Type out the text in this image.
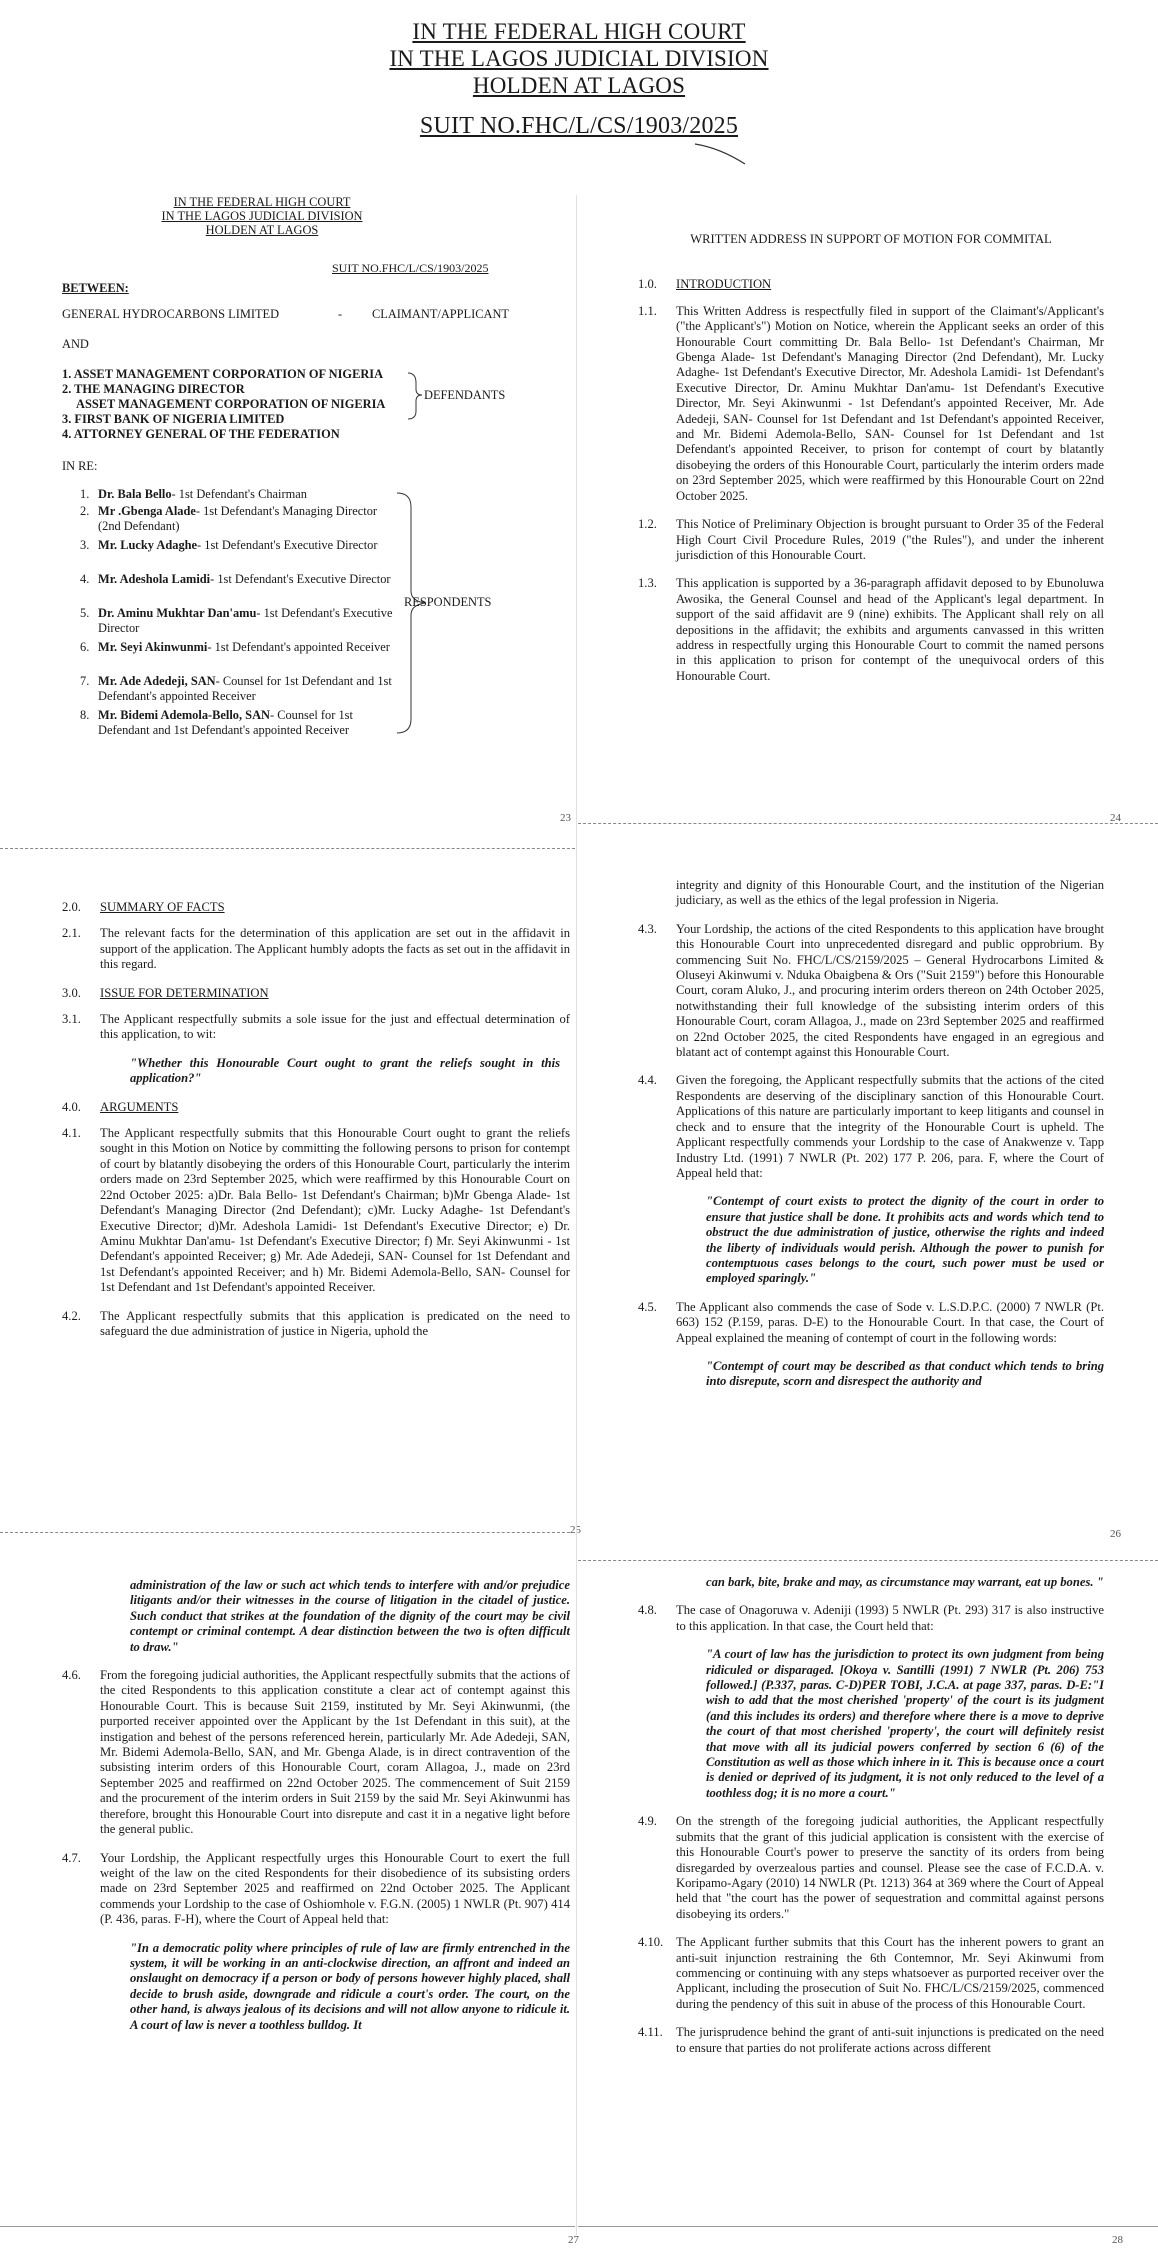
IN THE FEDERAL HIGH COURT
IN THE LAGOS JUDICIAL DIVISION
HOLDEN AT LAGOS
SUIT NO.FHC/L/CS/1903/2025
IN THE FEDERAL HIGH COURT
IN THE LAGOS JUDICIAL DIVISION
HOLDEN AT LAGOS
SUIT NO.FHC/L/CS/1903/2025
BETWEEN:
GENERAL HYDROCARBONS LIMITED	- CLAIMANT/APPLICANT
AND
1. ASSET MANAGEMENT CORPORATION OF NIGERIA
2. THE MANAGING DIRECTOR
ASSET MANAGEMENT CORPORATION OF NIGERIA
3. FIRST BANK OF NIGERIA LIMITED
4. ATTORNEY GENERAL OF THE FEDERATION
DEFENDANTS
IN RE:
1. Dr. Bala Bello- 1st Defendant's Chairman
2. Mr .Gbenga Alade- 1st Defendant's Managing Director (2nd Defendant)
3. Mr. Lucky Adaghe- 1st Defendant's Executive Director
4. Mr. Adeshola Lamidi- 1st Defendant's Executive Director
5. Dr. Aminu Mukhtar Dan'amu- 1st Defendant's Executive Director
6. Mr. Seyi Akinwunmi- 1st Defendant's appointed Receiver
7. Mr. Ade Adedeji, SAN- Counsel for 1st Defendant and 1st Defendant's appointed Receiver
8. Mr. Bidemi Ademola-Bello, SAN- Counsel for 1st Defendant and 1st Defendant's appointed Receiver
RESPONDENTS
23
WRITTEN ADDRESS IN SUPPORT OF MOTION FOR COMMITAL
1.0. INTRODUCTION
1.1. This Written Address is respectfully filed in support of the Claimant's/Applicant's ("the Applicant's") Motion on Notice, wherein the Applicant seeks an order of this Honourable Court committing Dr. Bala Bello- 1st Defendant's Chairman, Mr Gbenga Alade- 1st Defendant's Managing Director (2nd Defendant), Mr. Lucky Adaghe- 1st Defendant's Executive Director, Mr. Adeshola Lamidi- 1st Defendant's Executive Director, Dr. Aminu Mukhtar Dan'amu- 1st Defendant's Executive Director, Mr. Seyi Akinwunmi - 1st Defendant's appointed Receiver, Mr. Ade Adedeji, SAN- Counsel for 1st Defendant and 1st Defendant's appointed Receiver, and Mr. Bidemi Ademola-Bello, SAN- Counsel for 1st Defendant and 1st Defendant's appointed Receiver, to prison for contempt of court by blatantly disobeying the orders of this Honourable Court, particularly the interim orders made on 23rd September 2025, which were reaffirmed by this Honourable Court on 22nd October 2025.
1.2. This Notice of Preliminary Objection is brought pursuant to Order 35 of the Federal High Court Civil Procedure Rules, 2019 ("the Rules"), and under the inherent jurisdiction of this Honourable Court.
1.3. This application is supported by a 36-paragraph affidavit deposed to by Ebunoluwa Awosika, the General Counsel and head of the Applicant's legal department. In support of the said affidavit are 9 (nine) exhibits. The Applicant shall rely on all depositions in the affidavit; the exhibits and arguments canvassed in this written address in respectfully urging this Honourable Court to commit the named persons in this application to prison for contempt of the unequivocal orders of this Honourable Court.
24
2.0. SUMMARY OF FACTS
2.1. The relevant facts for the determination of this application are set out in the affidavit in support of the application. The Applicant humbly adopts the facts as set out in the affidavit in this regard.
3.0. ISSUE FOR DETERMINATION
3.1. The Applicant respectfully submits a sole issue for the just and effectual determination of this application, to wit:
"Whether this Honourable Court ought to grant the reliefs sought in this application?"
4.0. ARGUMENTS
4.1. The Applicant respectfully submits that this Honourable Court ought to grant the reliefs sought in this Motion on Notice by committing the following persons to prison for contempt of court by blatantly disobeying the orders of this Honourable Court, particularly the interim orders made on 23rd September 2025, which were reaffirmed by this Honourable Court on 22nd October 2025: a)Dr. Bala Bello- 1st Defendant's Chairman; b)Mr Gbenga Alade- 1st Defendant's Managing Director (2nd Defendant); c)Mr. Lucky Adaghe- 1st Defendant's Executive Director; d)Mr. Adeshola Lamidi- 1st Defendant's Executive Director; e) Dr. Aminu Mukhtar Dan'amu- 1st Defendant's Executive Director; f) Mr. Seyi Akinwunmi - 1st Defendant's appointed Receiver; g) Mr. Ade Adedeji, SAN- Counsel for 1st Defendant and 1st Defendant's appointed Receiver; and h) Mr. Bidemi Ademola-Bello, SAN- Counsel for 1st Defendant and 1st Defendant's appointed Receiver.
4.2. The Applicant respectfully submits that this application is predicated on the need to safeguard the due administration of justice in Nigeria, uphold the
25
integrity and dignity of this Honourable Court, and the institution of the Nigerian judiciary, as well as the ethics of the legal profession in Nigeria.
4.3. Your Lordship, the actions of the cited Respondents to this application have brought this Honourable Court into unprecedented disregard and public opprobrium. By commencing Suit No. FHC/L/CS/2159/2025 – General Hydrocarbons Limited & Oluseyi Akinwumi v. Nduka Obaigbena & Ors ("Suit 2159") before this Honourable Court, coram Aluko, J., and procuring interim orders thereon on 24th October 2025, notwithstanding their full knowledge of the subsisting interim orders of this Honourable Court, coram Allagoa, J., made on 23rd September 2025 and reaffirmed on 22nd October 2025, the cited Respondents have engaged in an egregious and blatant act of contempt against this Honourable Court.
4.4. Given the foregoing, the Applicant respectfully submits that the actions of the cited Respondents are deserving of the disciplinary sanction of this Honourable Court. Applications of this nature are particularly important to keep litigants and counsel in check and to ensure that the integrity of the Honourable Court is upheld. The Applicant respectfully commends your Lordship to the case of Anakwenze v. Tapp Industry Ltd. (1991) 7 NWLR (Pt. 202) 177 P. 206, para. F, where the Court of Appeal held that:
"Contempt of court exists to protect the dignity of the court in order to ensure that justice shall be done. It prohibits acts and words which tend to obstruct the due administration of justice, otherwise the rights and indeed the liberty of individuals would perish. Although the power to punish for contemptuous cases belongs to the court, such power must be used or employed sparingly."
4.5. The Applicant also commends the case of Sode v. L.S.D.P.C. (2000) 7 NWLR (Pt. 663) 152 (P.159, paras. D-E) to the Honourable Court. In that case, the Court of Appeal explained the meaning of contempt of court in the following words:
"Contempt of court may be described as that conduct which tends to bring into disrepute, scorn and disrespect the authority and
26
administration of the law or such act which tends to interfere with and/or prejudice litigants and/or their witnesses in the course of litigation in the citadel of justice. Such conduct that strikes at the foundation of the dignity of the court may be civil contempt or criminal contempt. A dear distinction between the two is often difficult to draw."
4.6. From the foregoing judicial authorities, the Applicant respectfully submits that the actions of the cited Respondents to this application constitute a clear act of contempt against this Honourable Court. This is because Suit 2159, instituted by Mr. Seyi Akinwunmi, (the purported receiver appointed over the Applicant by the 1st Defendant in this suit), at the instigation and behest of the persons referenced herein, particularly Mr. Ade Adedeji, SAN, Mr. Bidemi Ademola-Bello, SAN, and Mr. Gbenga Alade, is in direct contravention of the subsisting interim orders of this Honourable Court, coram Allagoa, J., made on 23rd September 2025 and reaffirmed on 22nd October 2025. The commencement of Suit 2159 and the procurement of the interim orders in Suit 2159 by the said Mr. Seyi Akinwunmi has therefore, brought this Honourable Court into disrepute and cast it in a negative light before the general public.
4.7. Your Lordship, the Applicant respectfully urges this Honourable Court to exert the full weight of the law on the cited Respondents for their disobedience of its subsisting orders made on 23rd September 2025 and reaffirmed on 22nd October 2025. The Applicant commends your Lordship to the case of Oshiomhole v. F.G.N. (2005) 1 NWLR (Pt. 907) 414 (P. 436, paras. F-H), where the Court of Appeal held that:
"In a democratic polity where principles of rule of law are firmly entrenched in the system, it will be working in an anti-clockwise direction, an affront and indeed an onslaught on democracy if a person or body of persons however highly placed, shall decide to brush aside, downgrade and ridicule a court's order. The court, on the other hand, is always jealous of its decisions and will not allow anyone to ridicule it. A court of law is never a toothless bulldog. It
27
can bark, bite, brake and may, as circumstance may warrant, eat up bones. "
4.8. The case of Onagoruwa v. Adeniji (1993) 5 NWLR (Pt. 293) 317 is also instructive to this application. In that case, the Court held that:
"A court of law has the jurisdiction to protect its own judgment from being ridiculed or disparaged. [Okoya v. Santilli (1991) 7 NWLR (Pt. 206) 753 followed.] (P.337, paras. C-D)PER TOBI, J.C.A. at page 337, paras. D-E:"I wish to add that the most cherished 'property' of the court is its judgment (and this includes its orders) and therefore where there is a move to deprive the court of that most cherished 'property', the court will definitely resist that move with all its judicial powers conferred by section 6 (6) of the Constitution as well as those which inhere in it. This is because once a court is denied or deprived of its judgment, it is not only reduced to the level of a toothless dog; it is no more a court."
4.9. On the strength of the foregoing judicial authorities, the Applicant respectfully submits that the grant of this judicial application is consistent with the exercise of this Honourable Court's power to preserve the sanctity of its orders from being disregarded by overzealous parties and counsel. Please see the case of F.C.D.A. v. Koripamo-Agary (2010) 14 NWLR (Pt. 1213) 364 at 369 where the Court of Appeal held that "the court has the power of sequestration and committal against persons disobeying its orders."
4.10. The Applicant further submits that this Court has the inherent powers to grant an anti-suit injunction restraining the 6th Contemnor, Mr. Seyi Akinwumi from commencing or continuing with any steps whatsoever as purported receiver over the Applicant, including the prosecution of Suit No. FHC/L/CS/2159/2025, commenced during the pendency of this suit in abuse of the process of this Honourable Court.
4.11. The jurisprudence behind the grant of anti-suit injunctions is predicated on the need to ensure that parties do not proliferate actions across different
28
